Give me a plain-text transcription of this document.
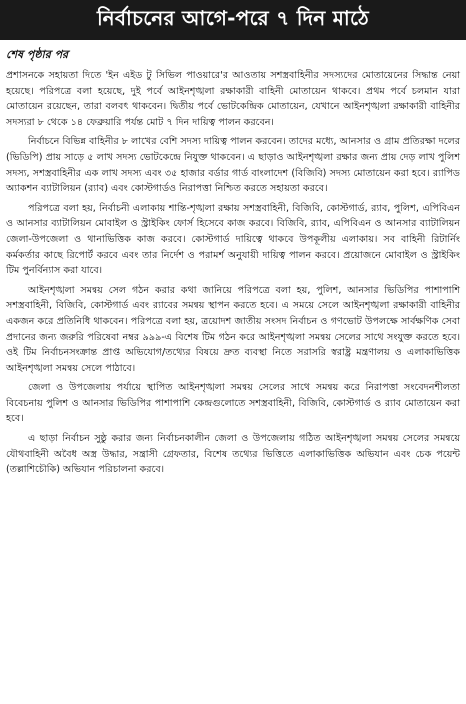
নির্বাচনের আগে-পরে ৭ দিন মাঠে
শেষ পৃষ্ঠার পর

প্রশাসনকে সহায়তা দিতে 'ইন এইড টু সিভিল পাওয়ারে'র আওতায় সশস্ত্রবাহিনীর সদস্যদের মোতায়েনের সিদ্ধান্ত নেয়া হয়েছে। পরিপত্রে বলা হয়েছে, দুই পর্বে আইনশৃঙ্খলা রক্ষাকারী বাহিনী মোতায়েন থাকবে। প্রথম পর্বে চলমান যারা মোতায়েন রয়েছেন, তারা বলবৎ থাকবেন। দ্বিতীয় পর্বে ভোটকেন্দ্রিক মোতায়েন, যেখানে আইনশৃঙ্খলা রক্ষাকারী বাহিনীর সদস্যরা ৮ থেকে ১৪ ফেব্রুয়ারি পর্যন্ত মোট ৭ দিন দায়িত্ব পালন করবেন।

নির্বাচনে বিভিন্ন বাহিনীর ৮ লাখের বেশি সদস্য দায়িত্ব পালন করবেন। তাদের মধ্যে, আনসার ও গ্রাম প্রতিরক্ষা দলের (ভিডিপি) প্রায় সাড়ে ৫ লাখ সদস্য ভোটকেন্দ্রে নিযুক্ত থাকবেন। এ ছাড়াও আইনশৃঙ্খলা রক্ষার জন্য প্রায় দেড় লাখ পুলিশ সদস্য, সশস্ত্রবাহিনীর এক লাখ সদস্য এবং ৩৫ হাজার বর্ডার গার্ড বাংলাদেশ (বিজিবি) সদস্য মোতায়েন করা হবে। র‌্যাপিড অ্যাকশন ব্যাটালিয়ন (র‌্যাব) এবং কোস্টগার্ডও নিরাপত্তা নিশ্চিত করতে সহায়তা করবে।

পরিপত্রে বলা হয়, নির্বাচনী এলাকায় শান্তি-শৃঙ্খলা রক্ষায় সশস্ত্রবাহিনী, বিজিবি, কোস্টগার্ড, র‌্যাব, পুলিশ, এপিবিএন ও আনসার ব্যাটালিয়ন মোবাইল ও স্ট্রাইকিং ফোর্স হিসেবে কাজ করবে। বিজিবি, র‌্যাব, এপিবিএন ও আনসার ব্যাটালিয়ন জেলা-উপজেলা ও থানাভিত্তিক কাজ করবে। কোস্টগার্ড দায়িত্বে থাকবে উপকূলীয় এলাকায়। সব বাহিনী রিটার্নিং কর্মকর্তার কাছে রিপোর্ট করবে এবং তার নির্দেশ ও পরামর্শ অনুযায়ী দায়িত্ব পালন করবে। প্রয়োজনে মোবাইল ও স্ট্রাইকিং টিম পুনর্বিন্যাস করা যাবে।

আইনশৃঙ্খলা সমন্বয় সেল গঠন করার কথা জানিয়ে পরিপত্রে বলা হয়, পুলিশ, আনসার ভিডিপির পাশাপাশি সশস্ত্রবাহিনী, বিজিবি, কোস্টগার্ড এবং র‌্যাবের সমন্বয় স্থাপন করতে হবে। এ সময়ে সেলে আইনশৃঙ্খলা রক্ষাকারী বাহিনীর একজন করে প্রতিনিধি থাকবেন। পরিপত্রে বলা হয়, ত্রয়োদশ জাতীয় সংসদ নির্বাচন ও গণভোট উপলক্ষে সার্বক্ষণিক সেবা প্রদানের জন্য জরুরি পরিষেবা নম্বর ৯৯৯-এ বিশেষ টিম গঠন করে আইনশৃঙ্খলা সমন্বয় সেলের সাথে সংযুক্ত করতে হবে। ওই টিম নির্বাচনসংক্রান্ত প্রাপ্ত অভিযোগ/তথ্যের বিষয়ে দ্রুত ব্যবস্থা নিতে সরাসরি স্বরাষ্ট্র মন্ত্রণালয় ও এলাকাভিত্তিক আইনশৃঙ্খলা সমন্বয় সেলে পাঠাবে।

জেলা ও উপজেলায় পর্যায়ে স্থাপিত আইনশৃঙ্খলা সমন্বয় সেলের সাথে সমন্বয় করে নিরাপত্তা সংবেদনশীলতা বিবেচনায় পুলিশ ও আনসার ভিডিপির পাশাপাশি কেন্দ্রগুলোতে সশস্ত্রবাহিনী, বিজিবি, কোস্টগার্ড ও র‌্যাব মোতায়েন করা হবে।

এ ছাড়া নির্বাচন সুষ্ঠু করার জন্য নির্বাচনকালীন জেলা ও উপজেলায় গঠিত আইনশৃঙ্খলা সমন্বয় সেলের সমন্বয়ে যৌথবাহিনী অবৈধ অস্ত্র উদ্ধার, সন্ত্রাসী গ্রেফতার, বিশেষ তথ্যের ভিত্তিতে এলাকাভিত্তিক অভিযান এবং চেক পয়েন্ট (তল্লাশিচৌকি) অভিযান পরিচালনা করবে।
